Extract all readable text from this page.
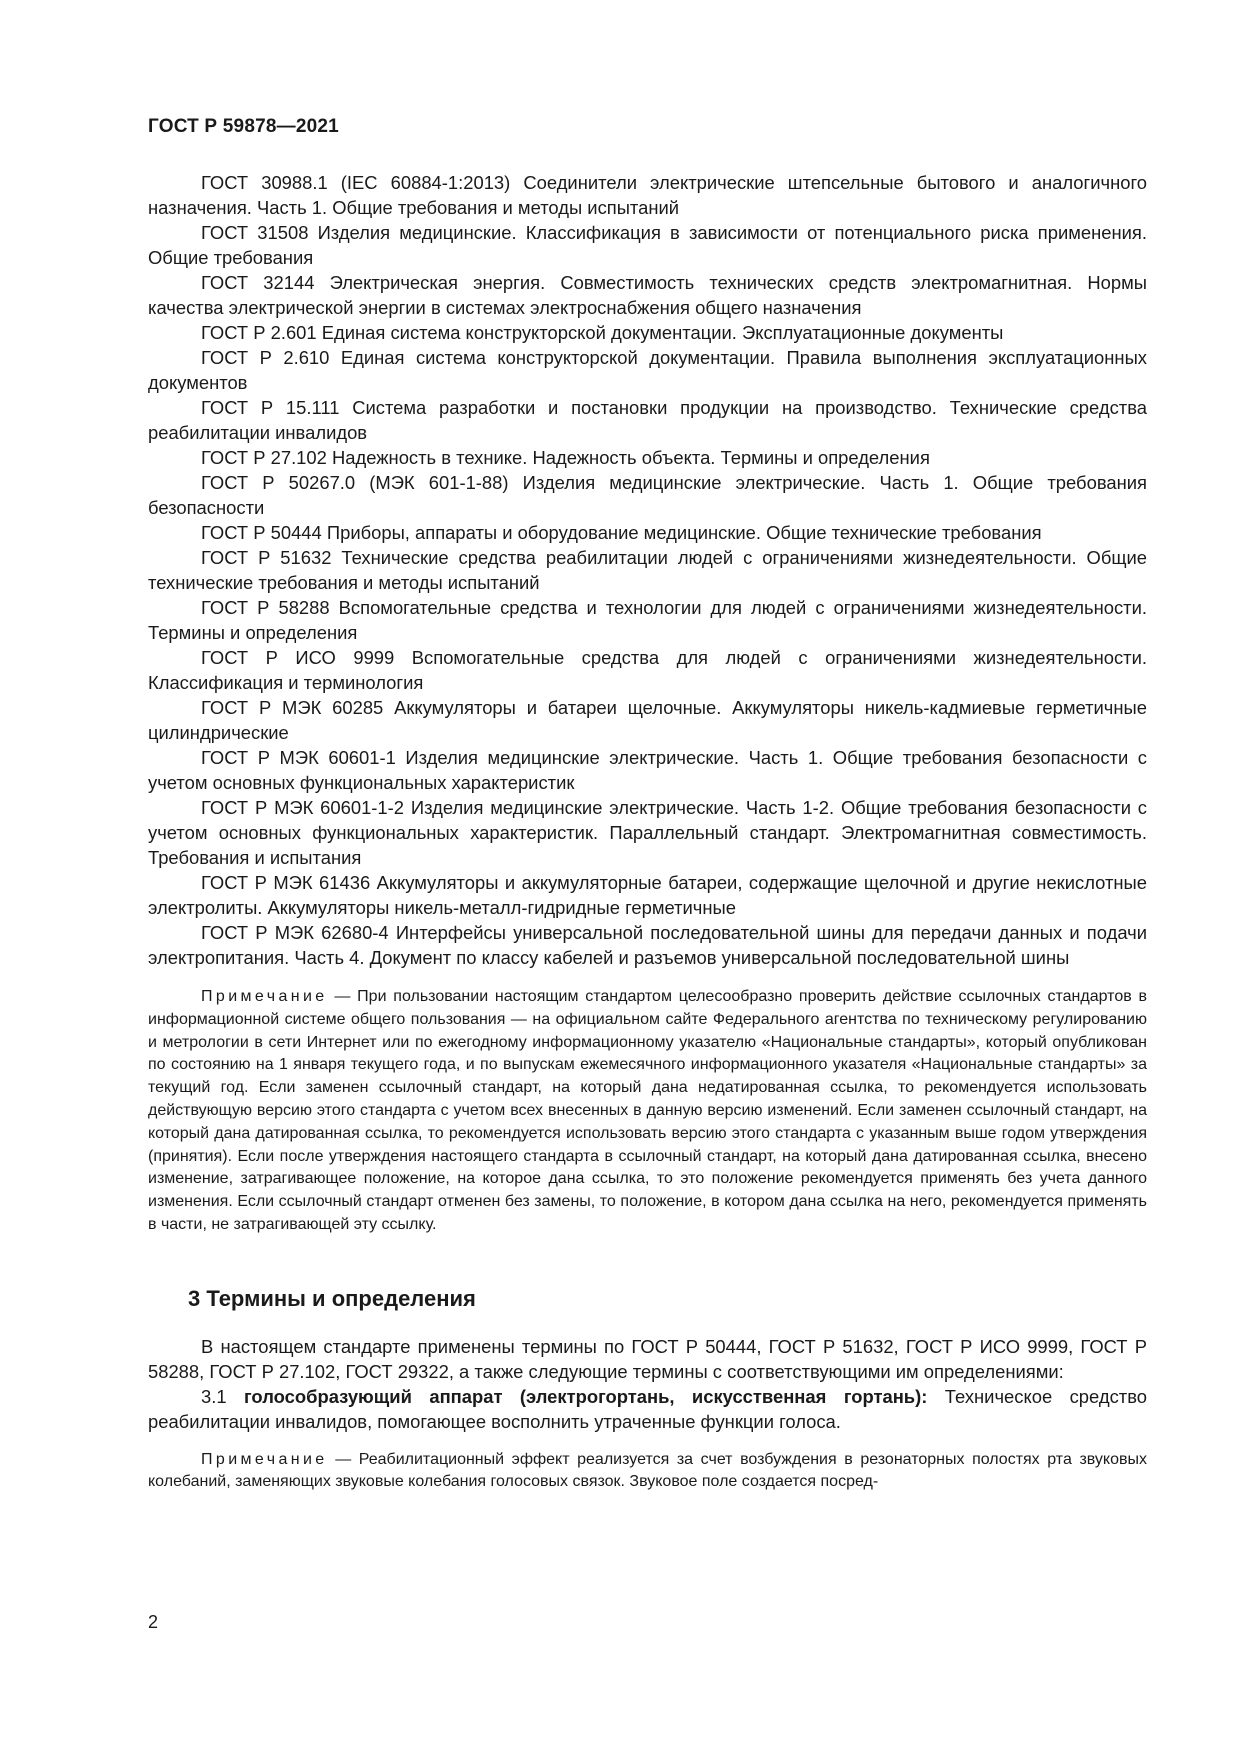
ГОСТ Р 59878—2021

ГОСТ 30988.1 (IEC 60884-1:2013) Соединители электрические штепсельные бытового и аналогичного назначения. Часть 1. Общие требования и методы испытаний

ГОСТ 31508 Изделия медицинские. Классификация в зависимости от потенциального риска применения. Общие требования

ГОСТ 32144 Электрическая энергия. Совместимость технических средств электромагнитная. Нормы качества электрической энергии в системах электроснабжения общего назначения

ГОСТ Р 2.601 Единая система конструкторской документации. Эксплуатационные документы

ГОСТ Р 2.610 Единая система конструкторской документации. Правила выполнения эксплуатационных документов

ГОСТ Р 15.111 Система разработки и постановки продукции на производство. Технические средства реабилитации инвалидов

ГОСТ Р 27.102 Надежность в технике. Надежность объекта. Термины и определения

ГОСТ Р 50267.0 (МЭК 601-1-88) Изделия медицинские электрические. Часть 1. Общие требования безопасности

ГОСТ Р 50444 Приборы, аппараты и оборудование медицинские. Общие технические требования

ГОСТ Р 51632 Технические средства реабилитации людей с ограничениями жизнедеятельности. Общие технические требования и методы испытаний

ГОСТ Р 58288 Вспомогательные средства и технологии для людей с ограничениями жизнедеятельности. Термины и определения

ГОСТ Р ИСО 9999 Вспомогательные средства для людей с ограничениями жизнедеятельности. Классификация и терминология

ГОСТ Р МЭК 60285 Аккумуляторы и батареи щелочные. Аккумуляторы никель-кадмиевые герметичные цилиндрические

ГОСТ Р МЭК 60601-1 Изделия медицинские электрические. Часть 1. Общие требования безопасности с учетом основных функциональных характеристик

ГОСТ Р МЭК 60601-1-2 Изделия медицинские электрические. Часть 1-2. Общие требования безопасности с учетом основных функциональных характеристик. Параллельный стандарт. Электромагнитная совместимость. Требования и испытания

ГОСТ Р МЭК 61436 Аккумуляторы и аккумуляторные батареи, содержащие щелочной и другие некислотные электролиты. Аккумуляторы никель-металл-гидридные герметичные

ГОСТ Р МЭК 62680-4 Интерфейсы универсальной последовательной шины для передачи данных и подачи электропитания. Часть 4. Документ по классу кабелей и разъемов универсальной последовательной шины

Примечание — При пользовании настоящим стандартом целесообразно проверить действие ссылочных стандартов в информационной системе общего пользования — на официальном сайте Федерального агентства по техническому регулированию и метрологии в сети Интернет или по ежегодному информационному указателю «Национальные стандарты», который опубликован по состоянию на 1 января текущего года, и по выпускам ежемесячного информационного указателя «Национальные стандарты» за текущий год. Если заменен ссылочный стандарт, на который дана недатированная ссылка, то рекомендуется использовать действующую версию этого стандарта с учетом всех внесенных в данную версию изменений. Если заменен ссылочный стандарт, на который дана датированная ссылка, то рекомендуется использовать версию этого стандарта с указанным выше годом утверждения (принятия). Если после утверждения настоящего стандарта в ссылочный стандарт, на который дана датированная ссылка, внесено изменение, затрагивающее положение, на которое дана ссылка, то это положение рекомендуется применять без учета данного изменения. Если ссылочный стандарт отменен без замены, то положение, в котором дана ссылка на него, рекомендуется применять в части, не затрагивающей эту ссылку.

3 Термины и определения

В настоящем стандарте применены термины по ГОСТ Р 50444, ГОСТ Р 51632, ГОСТ Р ИСО 9999, ГОСТ Р 58288, ГОСТ Р 27.102, ГОСТ 29322, а также следующие термины с соответствующими им определениями:

3.1 голособразующий аппарат (электрогортань, искусственная гортань): Техническое средство реабилитации инвалидов, помогающее восполнить утраченные функции голоса.

Примечание — Реабилитационный эффект реализуется за счет возбуждения в резонаторных полостях рта звуковых колебаний, заменяющих звуковые колебания голосовых связок. Звуковое поле создается посред-

2
